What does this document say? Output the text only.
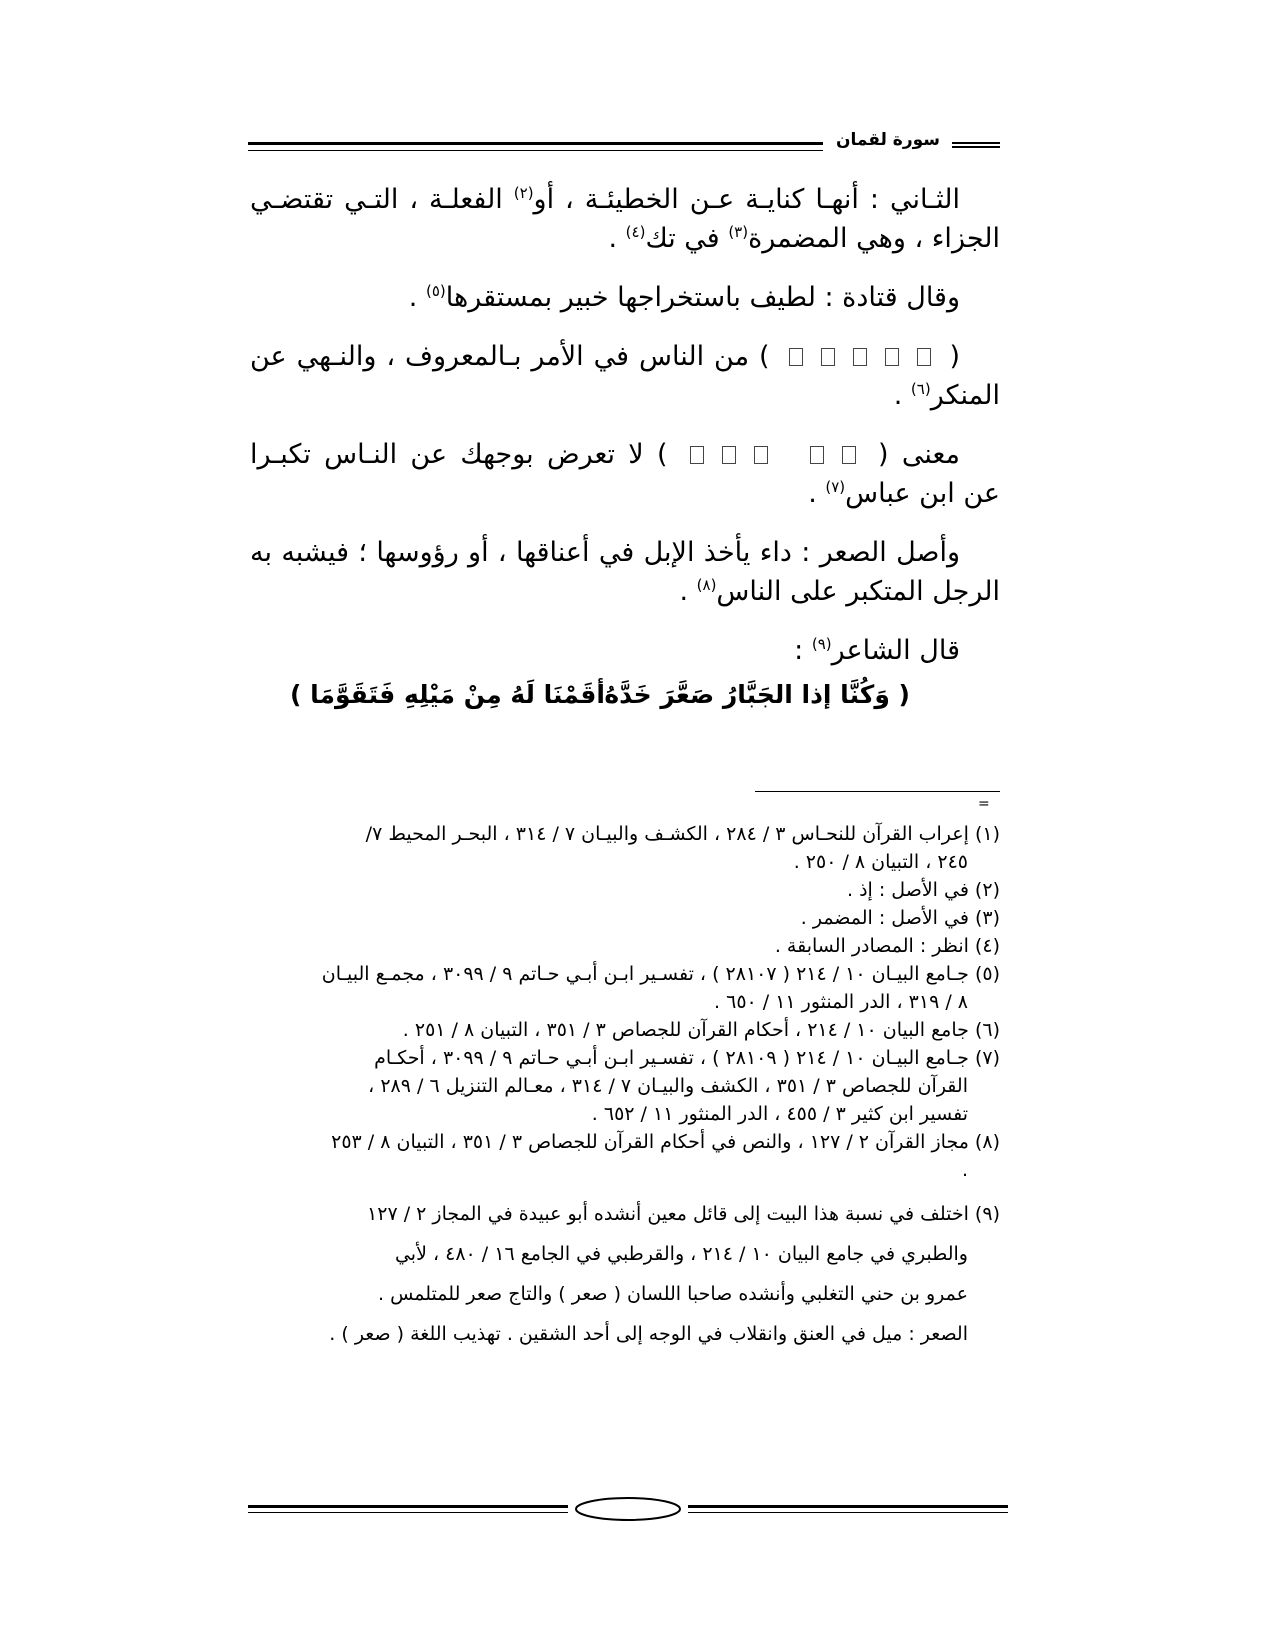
سورة لقمان

الثـاني : أنهـا كنايـة عـن الخطيئـة ، أو$^{(٢)}$ الفعلـة ، التـي تقتضـي الجزاء ، وهي المضمرة$^{(٣)}$ في تك$^{(٤)}$ .

وقال قتادة : لطيف باستخراجها خبير بمستقرها$^{(٥)}$ .

(  ) من الناس في الأمر بـالمعروف ، والنـهي عن المنكر$^{(٦)}$ .

معنى (  ) لا تعرض بوجهك عن النـاس تكبـرا عن ابن عباس$^{(٧)}$ .

وأصل الصعر : داء يأخذ الإبل في أعناقها ، أو رؤوسها ؛ فيشبه به الرجل المتكبر على الناس$^{(٨)}$ .

قال الشاعر$^{(٩)}$ :

( وَكُنَّا إذا الجَبَّارُ صَعَّرَ خَدَّهُ
أقَمْنَا لَهُ مِنْ مَيْلِهِ فَتَقَوَّمَا )
=

(١) إعراب القرآن للنحـاس ٣ / ٢٨٤ ، الكشـف والبيـان ٧ / ٣١٤ ، البحـر المحيط ٧/
٢٤٥ ، التبيان ٨ / ٢٥٠ .

(٢) في الأصل : إذ .

(٣) في الأصل : المضمر .

(٤) انظر : المصادر السابقة .

(٥) جـامع البيـان ١٠ / ٢١٤ ( ٢٨١٠٧ ) ، تفسـير ابـن أبـي حـاتم ٩ / ٣٠٩٩ ، مجمـع البيـان
٨ / ٣١٩ ، الدر المنثور ١١ / ٦٥٠ .

(٦) جامع البيان ١٠ / ٢١٤ ، أحكام القرآن للجصاص ٣ / ٣٥١ ، التبيان ٨ / ٢٥١ .

(٧) جـامع البيـان ١٠ / ٢١٤ ( ٢٨١٠٩ ) ، تفسـير ابـن أبـي حـاتم ٩ / ٣٠٩٩ ، أحكـام
القرآن للجصاص ٣ / ٣٥١ ، الكشف والبيـان ٧ / ٣١٤ ، معـالم التنزيل ٦ / ٢٨٩ ،
تفسير ابن كثير ٣ / ٤٥٥ ، الدر المنثور ١١ / ٦٥٢ .

(٨) مجاز القرآن ٢ / ١٢٧ ، والنص في أحكام القرآن للجصاص ٣ / ٣٥١ ، التبيان ٨ / ٢٥٣
.

(٩) اختلف في نسبة هذا البيت إلى قائل معين أنشده أبو عبيدة في المجاز ٢ / ١٢٧
والطبري في جامع البيان ١٠ / ٢١٤ ، والقرطبي في الجامع ١٦ / ٤٨٠ ، لأبي
عمرو بن حني التغلبي وأنشده صاحبا اللسان ( صعر ) والتاج صعر للمتلمس .
الصعر : ميل في العنق وانقلاب في الوجه إلى أحد الشقين . تهذيب اللغة ( صعر ) .
